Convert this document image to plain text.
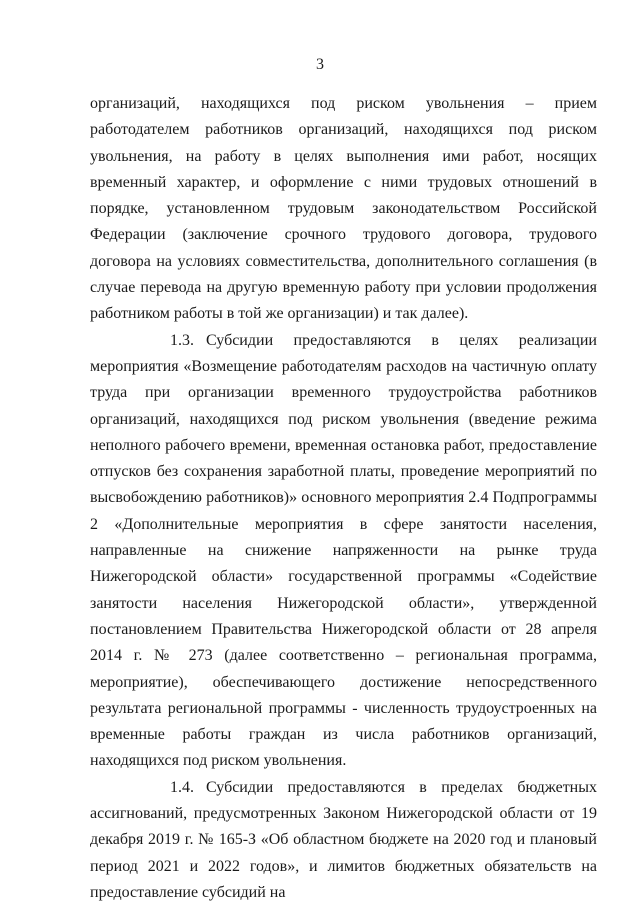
3

организаций, находящихся под риском увольнения – прием работодателем работников организаций, находящихся под риском увольнения, на работу в целях выполнения ими работ, носящих временный характер, и оформление с ними трудовых отношений в порядке, установленном трудовым законодательством Российской Федерации (заключение срочного трудового договора, трудового договора на условиях совместительства, дополнительного соглашения (в случае перевода на другую временную работу при условии продолжения работником работы в той же организации) и так далее).

1.3. Субсидии предоставляются в целях реализации мероприятия «Возмещение работодателям расходов на частичную оплату труда при организации временного трудоустройства работников организаций, находящихся под риском увольнения (введение режима неполного рабочего времени, временная остановка работ, предоставление отпусков без сохранения заработной платы, проведение мероприятий по высвобождению работников)» основного мероприятия 2.4 Подпрограммы 2 «Дополнительные мероприятия в сфере занятости населения, направленные на снижение напряженности на рынке труда Нижегородской области» государственной программы «Содействие занятости населения Нижегородской области», утвержденной постановлением Правительства Нижегородской области от 28 апреля 2014 г. № 273 (далее соответственно – региональная программа, мероприятие), обеспечивающего достижение непосредственного результата региональной программы - численность трудоустроенных на временные работы граждан из числа работников организаций, находящихся под риском увольнения.

1.4. Субсидии предоставляются в пределах бюджетных ассигнований, предусмотренных Законом Нижегородской области от 19 декабря 2019 г. № 165-З «Об областном бюджете на 2020 год и плановый период 2021 и 2022 годов», и лимитов бюджетных обязательств на предоставление субсидий на
